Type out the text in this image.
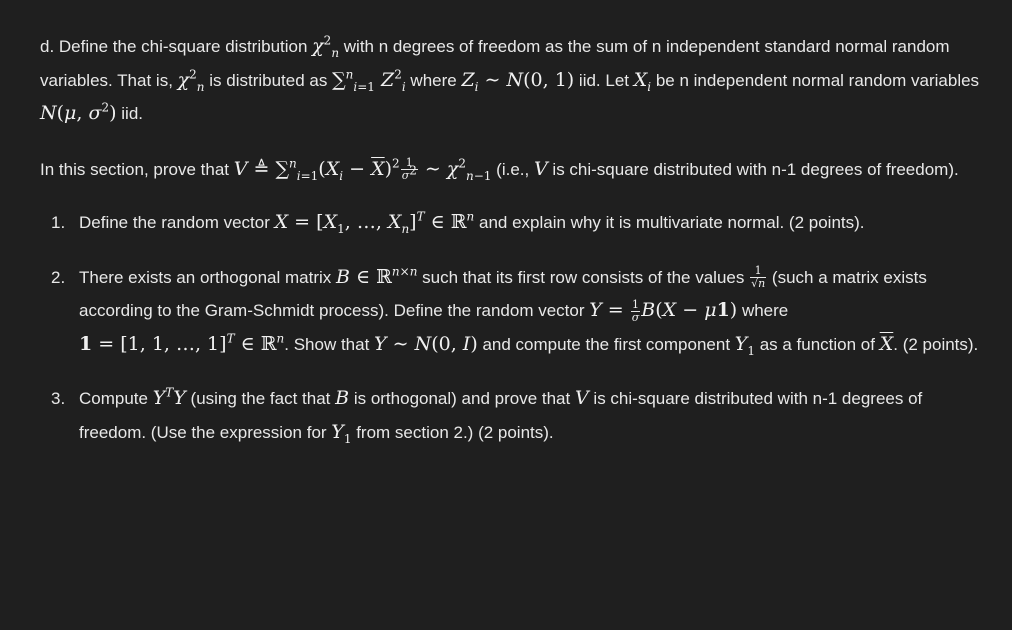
d. Define the chi-square distribution $\chi^2_n$ with n degrees of freedom as the sum of n independent standard normal random variables. That is, $\chi^2_n$ is distributed as ∑$^n_{i=1}$ $Z^2_i$ where $Z_i$ ∼ N(0, 1) iid. Let $X_i$ be n independent normal random variables N(μ, $\sigma^2$) iid.

In this section, prove that V ≜ $\sum^n_{i=1}(X_i - \overline{X})^2 \frac{1}{\sigma^2}$ ∼ $\chi^2_{n-1}$ (i.e., V is chi-square distributed with n-1 degrees of freedom).

1. Define the random vector $X = [X_1$, …, $X_n]^T$ ∈ ℝ$^n$ and explain why it is multivariate normal. (2 points).
2. There exists an orthogonal matrix B ∈ ℝ$^{n\times n}$ such that its first row consists of the values $\frac{1}{√n}$ (such a matrix exists according to the Gram-Schmidt process). Define the random vector $Y = \frac{1}{\sigma} B(X - \mu 1)$ where 1 = [1, 1, …, 1]$^T$ ∈ ℝ$^n$. Show that Y ∼ N(0, I) and compute the first component $Y_1$ as a function of $\overline{X}$. (2 points).
3. Compute $Y^TY$ (using the fact that B is orthogonal) and prove that V is chi-square distributed with n-1 degrees of freedom. (Use the expression for $Y_1$ from section 2.) (2 points).
